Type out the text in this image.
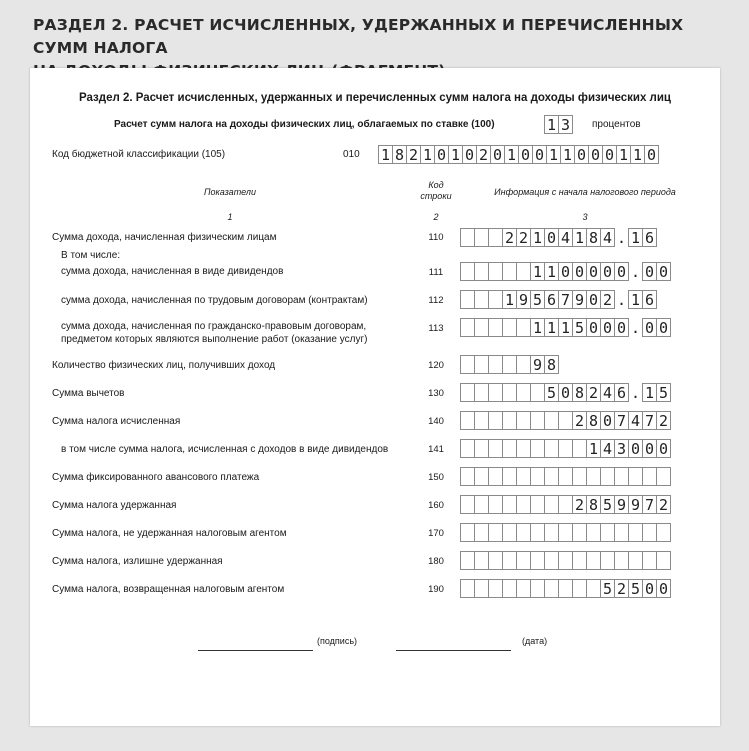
РАЗДЕЛ 2. РАСЧЕТ ИСЧИСЛЕННЫХ, УДЕРЖАННЫХ И ПЕРЕЧИСЛЕННЫХ СУММ НАЛОГА
Раздел 2. Расчет исчисленных, удержанных и перечисленных сумм налога на доходы физических лиц
Расчет сумм налога на доходы физических лиц, облагаемых по ставке (100)	1 3 процентов
Код бюджетной классификации (105)	010 1 8 2 1 0 1 0 2 0 1 0 0 1 1 0 0 0 1 1 0
Показатели
Код
строки	Информация с начала налогового периода
1	2	3
Сумма дохода, начисленная физическим лицам	110	2 2 1 0 4 1 8 4 . 1 6
В том числе:
сумма дохода, начисленная в виде дивидендов	111	1 1 0 0 0 0 0 . 0 0
сумма дохода, начисленная по трудовым договорам (контрактам)	112	1 9 5 6 7 9 0 2 . 1 6
сумма дохода, начисленная по гражданско-правовым договорам,
предметом которых являются выполнение работ (оказание услуг)
113	1 1 1 5 0 0 0 . 0 0
Количество физических лиц, получивших доход	120	9 8
Сумма вычетов	130	5 0 8 2 4 6 . 1 5
Сумма налога исчисленная	140	2 8 0 7 4 7 2
в том числе сумма налога, исчисленная с доходов в виде дивидендов	141	1 4 3 0 0 0
Сумма фиксированного авансового платежа	150
Сумма налога удержанная	160	2 8 5 9 9 7 2
Сумма налога, не удержанная налоговым агентом	170
Сумма налога, излишне удержанная	180
Сумма налога, возвращенная налоговым агентом	190	5 2 5 0 0
(подпись)	(дата)
